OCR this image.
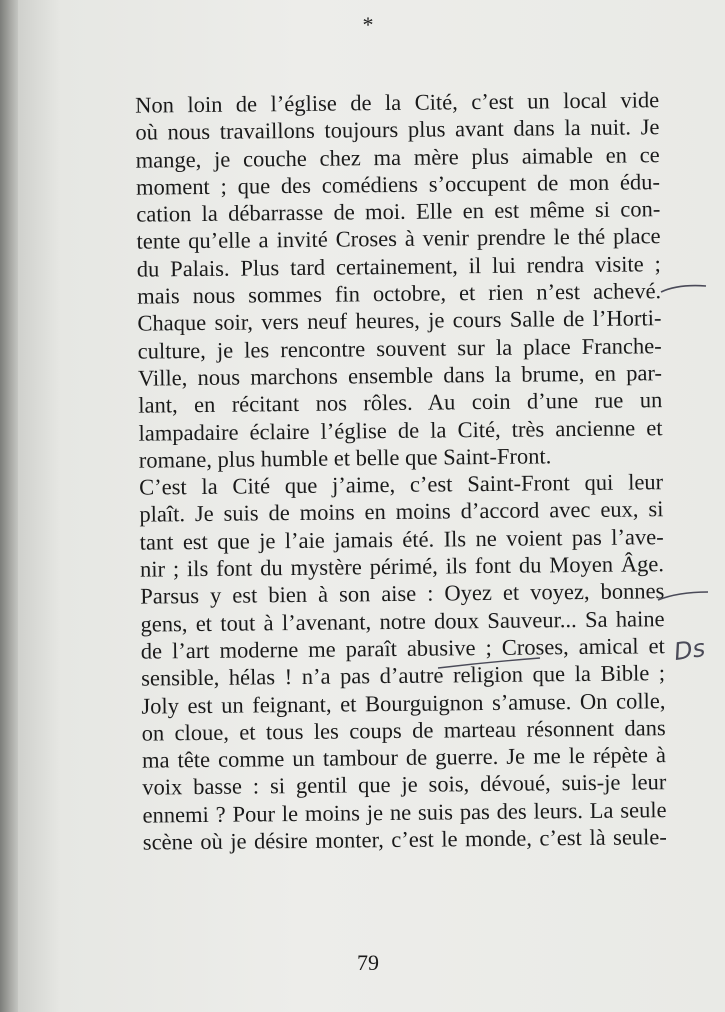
*

Non loin de l’église de la Cité, c’est un local vide
où nous travaillons toujours plus avant dans la nuit. Je
mange, je couche chez ma mère plus aimable en ce
moment ; que des comédiens s’occupent de mon édu-
cation la débarrasse de moi. Elle en est même si con-
tente qu’elle a invité Croses à venir prendre le thé place
du Palais. Plus tard certainement, il lui rendra visite ;
mais nous sommes fin octobre, et rien n’est achevé.
Chaque soir, vers neuf heures, je cours Salle de l’Horti-
culture, je les rencontre souvent sur la place Franche-
Ville, nous marchons ensemble dans la brume, en par-
lant, en récitant nos rôles. Au coin d’une rue un
lampadaire éclaire l’église de la Cité, très ancienne et
romane, plus humble et belle que Saint-Front.

C’est la Cité que j’aime, c’est Saint-Front qui leur
plaît. Je suis de moins en moins d’accord avec eux, si
tant est que je l’aie jamais été. Ils ne voient pas l’ave-
nir ; ils font du mystère périmé, ils font du Moyen Âge.
Parsus y est bien à son aise : Oyez et voyez, bonnes
gens, et tout à l’avenant, notre doux Sauveur... Sa haine
de l’art moderne me paraît abusive ; Croses, amical et
sensible, hélas ! n’a pas d’autre religion que la Bible ;
Joly est un feignant, et Bourguignon s’amuse. On colle,
on cloue, et tous les coups de marteau résonnent dans
ma tête comme un tambour de guerre. Je me le répète à
voix basse : si gentil que je sois, dévoué, suis-je leur
ennemi ? Pour le moins je ne suis pas des leurs. La seule
scène où je désire monter, c’est le monde, c’est là seule-

Ds
79
